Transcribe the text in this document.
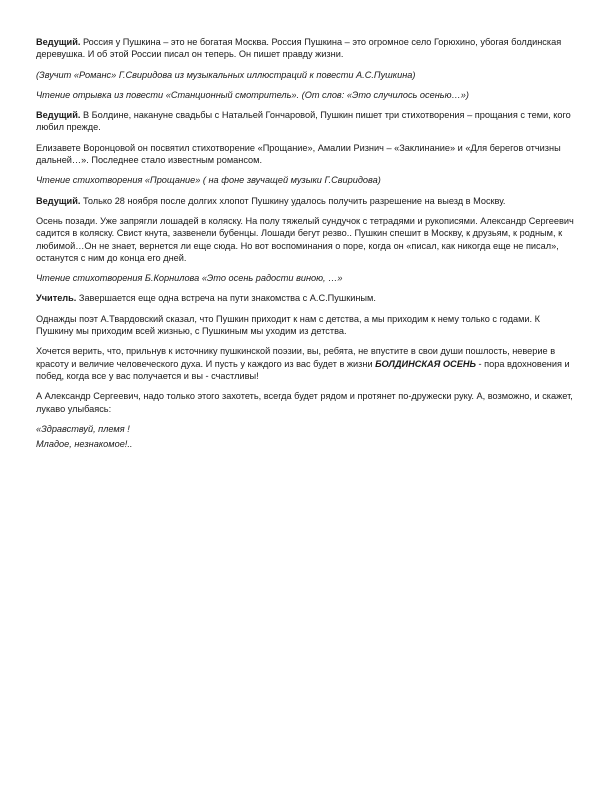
Ведущий. Россия у Пушкина – это не богатая Москва. Россия Пушкина – это огромное село Горюхино, убогая болдинская деревушка. И об этой России писал он теперь. Он пишет правду жизни.

(Звучит «Романс» Г.Свиридова из музыкальных иллюстраций к повести А.С.Пушкина)

Чтение отрывка из повести «Станционный смотритель». (От слов: «Это случилось осенью…»)

Ведущий. В Болдине, накануне свадьбы с Натальей Гончаровой, Пушкин пишет три стихотворения – прощания с теми, кого любил прежде.

Елизавете Воронцовой он посвятил стихотворение «Прощание», Амалии Ризнич – «Заклинание» и «Для берегов отчизны дальней…». Последнее стало известным романсом.

Чтение стихотворения «Прощание» ( на фоне звучащей музыки Г.Свиридова)

Ведущий. Только 28 ноября после долгих хлопот Пушкину удалось получить разрешение на выезд в Москву.

Осень позади. Уже запрягли лошадей в коляску. На полу тяжелый сундучок с тетрадями и рукописями. Александр Сергеевич садится в коляску. Свист кнута, зазвенели бубенцы. Лошади бегут резво.. Пушкин спешит в Москву, к друзьям, к родным, к любимой…Он не знает, вернется ли еще сюда. Но вот воспоминания о поре, когда он «писал, как никогда еще не писал», останутся с ним до конца его дней.

Чтение стихотворения Б.Корнилова «Это осень радости виною, …»

Учитель. Завершается еще одна встреча на пути знакомства с А.С.Пушкиным.

Однажды поэт А.Твардовский сказал, что Пушкин приходит к нам с детства, а мы приходим к нему только с годами. К Пушкину мы приходим всей жизнью, с Пушкиным мы уходим из детства.

Хочется верить, что, прильнув к источнику пушкинской поэзии, вы, ребята, не впустите в свои души пошлость, неверие в красоту и величие человеческого духа. И пусть у каждого из вас будет в жизни БОЛДИНСКАЯ ОСЕНЬ - пора вдохновения и побед, когда все у вас получается и вы - счастливы!

А Александр Сергеевич, надо только этого захотеть, всегда будет рядом и протянет по-дружески руку. А, возможно, и скажет, лукаво улыбаясь:

«Здравствуй, племя !

Младое, незнакомое!..
